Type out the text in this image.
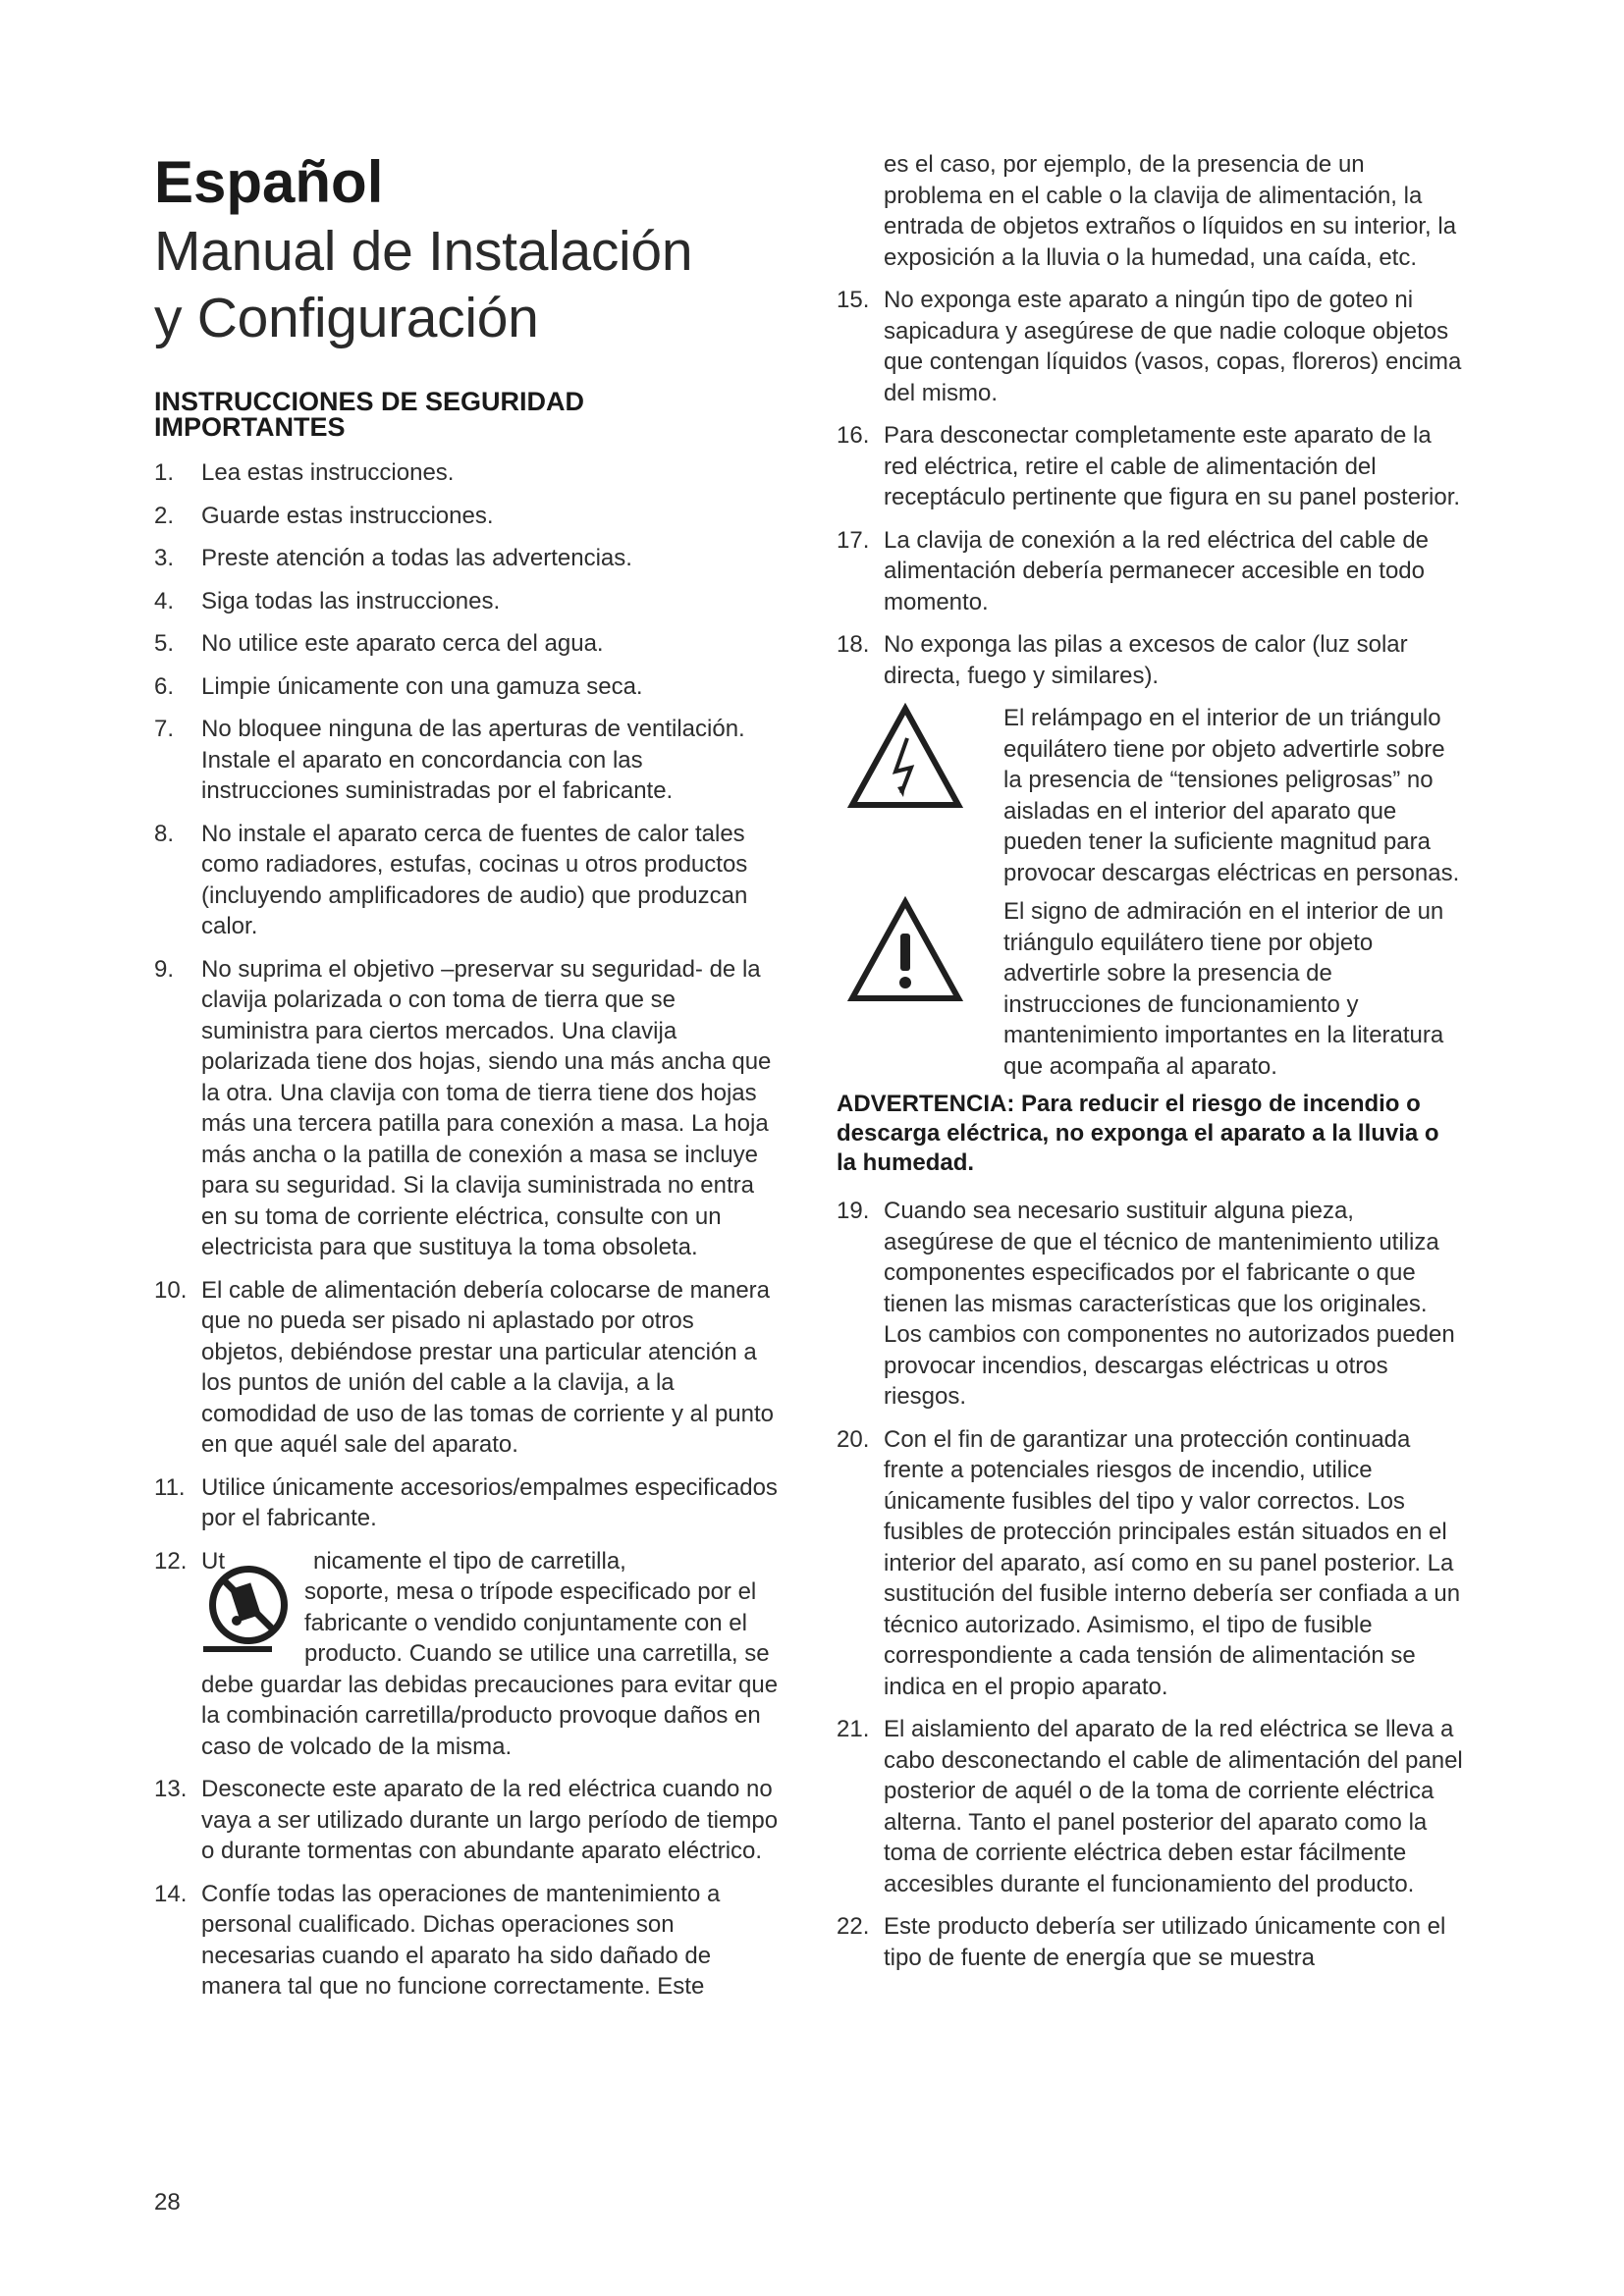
Español
Manual de Instalación
y Configuración
INSTRUCCIONES DE SEGURIDAD
IMPORTANTES
1.	Lea estas instrucciones.
2.	Guarde estas instrucciones.
3.	Preste atención a todas las advertencias.
4.	Siga todas las instrucciones.
5.	No utilice este aparato cerca del agua.
6.	Limpie únicamente con una gamuza seca.
7.	No bloquee ninguna de las aperturas de ventilación. Instale el aparato en concordancia con las instrucciones suministradas por el fabricante.
8.	No instale el aparato cerca de fuentes de calor tales como radiadores, estufas, cocinas u otros productos (incluyendo amplificadores de audio) que produzcan calor.
9.	No suprima el objetivo –preservar su seguridad- de la clavija polarizada o con toma de tierra que se suministra para ciertos mercados. Una clavija polarizada tiene dos hojas, siendo una más ancha que la otra. Una clavija con toma de tierra tiene dos hojas más una tercera patilla para conexión a masa. La hoja más ancha o la patilla de conexión a masa se incluye para su seguridad. Si la clavija suministrada no entra en su toma de corriente eléctrica, consulte con un electricista para que sustituya la toma obsoleta.
10. El cable de alimentación debería colocarse de manera que no pueda ser pisado ni aplastado por otros objetos, debiéndose prestar una particular atención a los puntos de unión del cable a la clavija, a la comodidad de uso de las tomas de corriente y al punto en que aquél sale del aparato.
11. Utilice únicamente accesorios/empalmes especificados por el fabricante.
12. Ut	nicamente el tipo de carretilla,
soporte, mesa o trípode especificado por el fabricante o vendido conjuntamente con el producto. Cuando se utilice una carretilla, se
debe guardar las debidas precauciones para evitar que la combinación carretilla/producto provoque daños en caso de volcado de la misma.
13. Desconecte este aparato de la red eléctrica cuando no vaya a ser utilizado durante un largo período de tiempo o durante tormentas con abundante aparato eléctrico.
14. Confíe todas las operaciones de mantenimiento a personal cualificado. Dichas operaciones son necesarias cuando el aparato ha sido dañado de manera tal que no funcione correctamente. Este
es el caso, por ejemplo, de la presencia de un problema en el cable o la clavija de alimentación, la entrada de objetos extraños o líquidos en su interior, la exposición a la lluvia o la humedad, una caída, etc.
15. No exponga este aparato a ningún tipo de goteo ni sapicadura y asegúrese de que nadie coloque objetos que contengan líquidos (vasos, copas, floreros) encima del mismo.
16. Para desconectar completamente este aparato de la red eléctrica, retire el cable de alimentación del receptáculo pertinente que figura en su panel posterior.
17. La clavija de conexión a la red eléctrica del cable de alimentación debería permanecer accesible en todo momento.
18. No exponga las pilas a excesos de calor (luz solar directa, fuego y similares).
El relámpago en el interior de un triángulo equilátero tiene por objeto advertirle sobre la presencia de “tensiones peligrosas” no aisladas en el interior del aparato que pueden tener la suficiente magnitud para provocar descargas eléctricas en personas.
El signo de admiración en el interior de un triángulo equilátero tiene por objeto advertirle sobre la presencia de instrucciones de funcionamiento y mantenimiento importantes en la literatura que acompaña al aparato.
ADVERTENCIA: Para reducir el riesgo de incendio o descarga eléctrica, no exponga el aparato a la lluvia o la humedad.
19. Cuando sea necesario sustituir alguna pieza, asegúrese de que el técnico de mantenimiento utiliza componentes especificados por el fabricante o que tienen las mismas características que los originales. Los cambios con componentes no autorizados pueden provocar incendios, descargas eléctricas u otros riesgos.
20. Con el fin de garantizar una protección continuada frente a potenciales riesgos de incendio, utilice únicamente fusibles del tipo y valor correctos. Los fusibles de protección principales están situados en el interior del aparato, así como en su panel posterior. La sustitución del fusible interno debería ser confiada a un técnico autorizado. Asimismo, el tipo de fusible correspondiente a cada tensión de alimentación se indica en el propio aparato.
21. El aislamiento del aparato de la red eléctrica se lleva a cabo desconectando el cable de alimentación del panel posterior de aquél o de la toma de corriente eléctrica alterna. Tanto el panel posterior del aparato como la toma de corriente eléctrica deben estar fácilmente accesibles durante el funcionamiento del producto.
22. Este producto debería ser utilizado únicamente con el tipo de fuente de energía que se muestra
28
